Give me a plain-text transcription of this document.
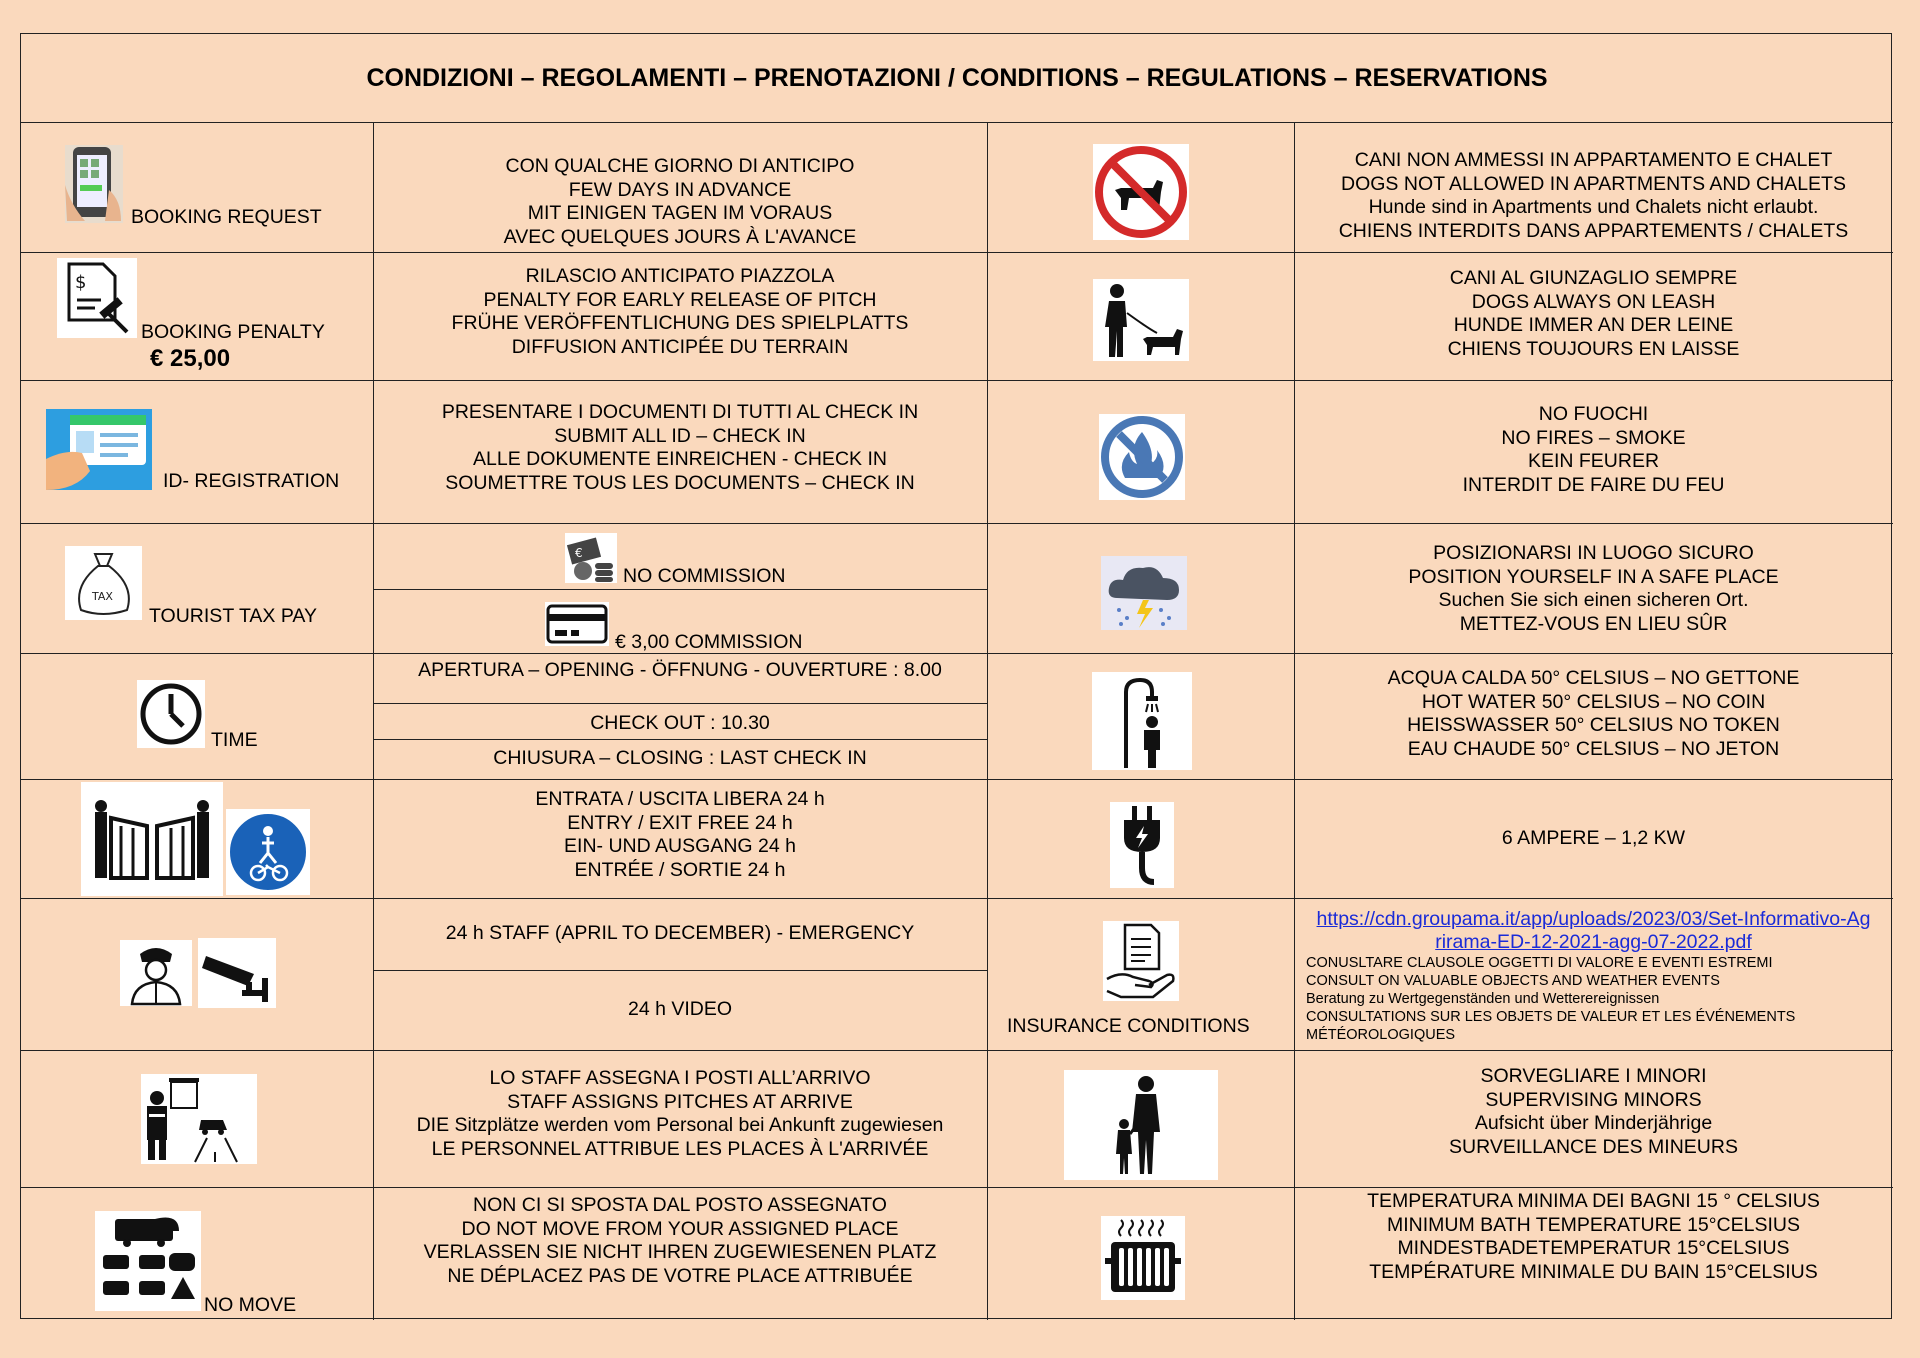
CONDIZIONI – REGOLAMENTI – PRENOTAZIONI / CONDITIONS – REGULATIONS – RESERVATIONS
BOOKING REQUEST
$
BOOKING PENALTY
€ 25,00
ID- REGISTRATION
TAX
TOURIST TAX PAY
TIME
NO MOVE
CON QUALCHE GIORNO DI ANTICIPO
FEW DAYS IN ADVANCE
MIT EINIGEN TAGEN IM VORAUS
AVEC QUELQUES JOURS À L'AVANCE
RILASCIO ANTICIPATO PIAZZOLA
PENALTY FOR EARLY RELEASE OF PITCH
FRÜHE VERÖFFENTLICHUNG DES SPIELPLATTS
DIFFUSION ANTICIPÉE DU TERRAIN
PRESENTARE I DOCUMENTI DI TUTTI AL CHECK IN
SUBMIT ALL ID – CHECK IN
ALLE DOKUMENTE EINREICHEN - CHECK IN
SOUMETTRE TOUS LES DOCUMENTS – CHECK IN
€
NO COMMISSION
€ 3,00 COMMISSION
APERTURA – OPENING - ÖFFNUNG - OUVERTURE : 8.00
CHECK OUT : 10.30
CHIUSURA – CLOSING : LAST CHECK IN
ENTRATA / USCITA LIBERA 24 h
ENTRY / EXIT FREE 24 h
EIN- UND AUSGANG 24 h
ENTRÉE / SORTIE 24 h
24 h STAFF (APRIL TO DECEMBER) - EMERGENCY
24 h VIDEO
LO STAFF ASSEGNA I POSTI ALL’ARRIVO
STAFF ASSIGNS PITCHES AT ARRIVE
DIE Sitzplätze werden vom Personal bei Ankunft zugewiesen
LE PERSONNEL ATTRIBUE LES PLACES À L'ARRIVÉE
NON CI SI SPOSTA DAL POSTO ASSEGNATO
DO NOT MOVE FROM YOUR ASSIGNED PLACE
VERLASSEN SIE NICHT IHREN ZUGEWIESENEN PLATZ
NE DÉPLACEZ PAS DE VOTRE PLACE ATTRIBUÉE
INSURANCE CONDITIONS
CANI NON AMMESSI IN APPARTAMENTO E CHALET
DOGS NOT ALLOWED IN APARTMENTS AND CHALETS
Hunde sind in Apartments und Chalets nicht erlaubt.
CHIENS INTERDITS DANS APPARTEMENTS / CHALETS
CANI AL GIUNZAGLIO SEMPRE
DOGS ALWAYS ON LEASH
HUNDE IMMER AN DER LEINE
CHIENS TOUJOURS EN LAISSE
NO FUOCHI
NO FIRES – SMOKE
KEIN FEURER
INTERDIT DE FAIRE DU FEU
POSIZIONARSI IN LUOGO SICURO
POSITION YOURSELF IN A SAFE PLACE
Suchen Sie sich einen sicheren Ort.
METTEZ-VOUS EN LIEU SÛR
ACQUA CALDA 50° CELSIUS – NO GETTONE
HOT WATER 50° CELSIUS – NO COIN
HEISSWASSER 50° CELSIUS NO TOKEN
EAU CHAUDE 50° CELSIUS – NO JETON
6 AMPERE – 1,2 KW
https://cdn.groupama.it/app/uploads/2023/03/Set-Informativo-Agrirama-ED-12-2021-agg-07-2022.pdf
CONUSLTARE CLAUSOLE OGGETTI DI VALORE E EVENTI ESTREMI
CONSULT ON VALUABLE OBJECTS AND WEATHER EVENTS
Beratung zu Wertgegenständen und Wetterereignissen
CONSULTATIONS SUR LES OBJETS DE VALEUR ET LES ÉVÉNEMENTS MÉTÉOROLOGIQUES
SORVEGLIARE I MINORI
SUPERVISING MINORS
Aufsicht über Minderjährige
SURVEILLANCE DES MINEURS
TEMPERATURA MINIMA DEI BAGNI 15 ° CELSIUS
MINIMUM BATH TEMPERATURE 15°CELSIUS
MINDESTBADETEMPERATUR 15°CELSIUS
TEMPÉRATURE MINIMALE DU BAIN 15°CELSIUS
